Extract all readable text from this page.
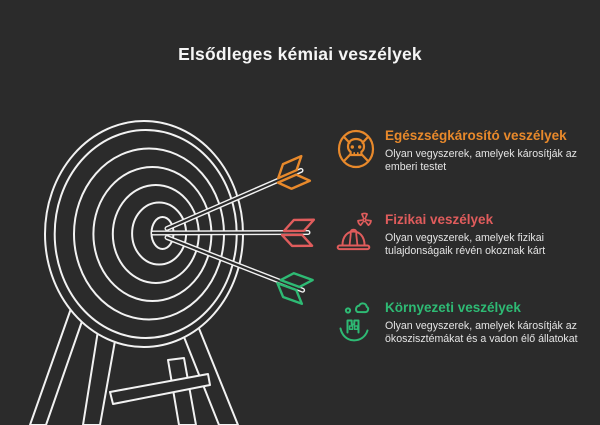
Elsődleges kémiai veszélyek
Egészségkárosító veszélyek

Olyan vegyszerek, amelyek károsítják az emberi testet

Fizikai veszélyek

Olyan vegyszerek, amelyek fizikai tulajdonságaik révén okoznak kárt

Környezeti veszélyek

Olyan vegyszerek, amelyek károsítják az ökoszisztémákat és a vadon élő állatokat
